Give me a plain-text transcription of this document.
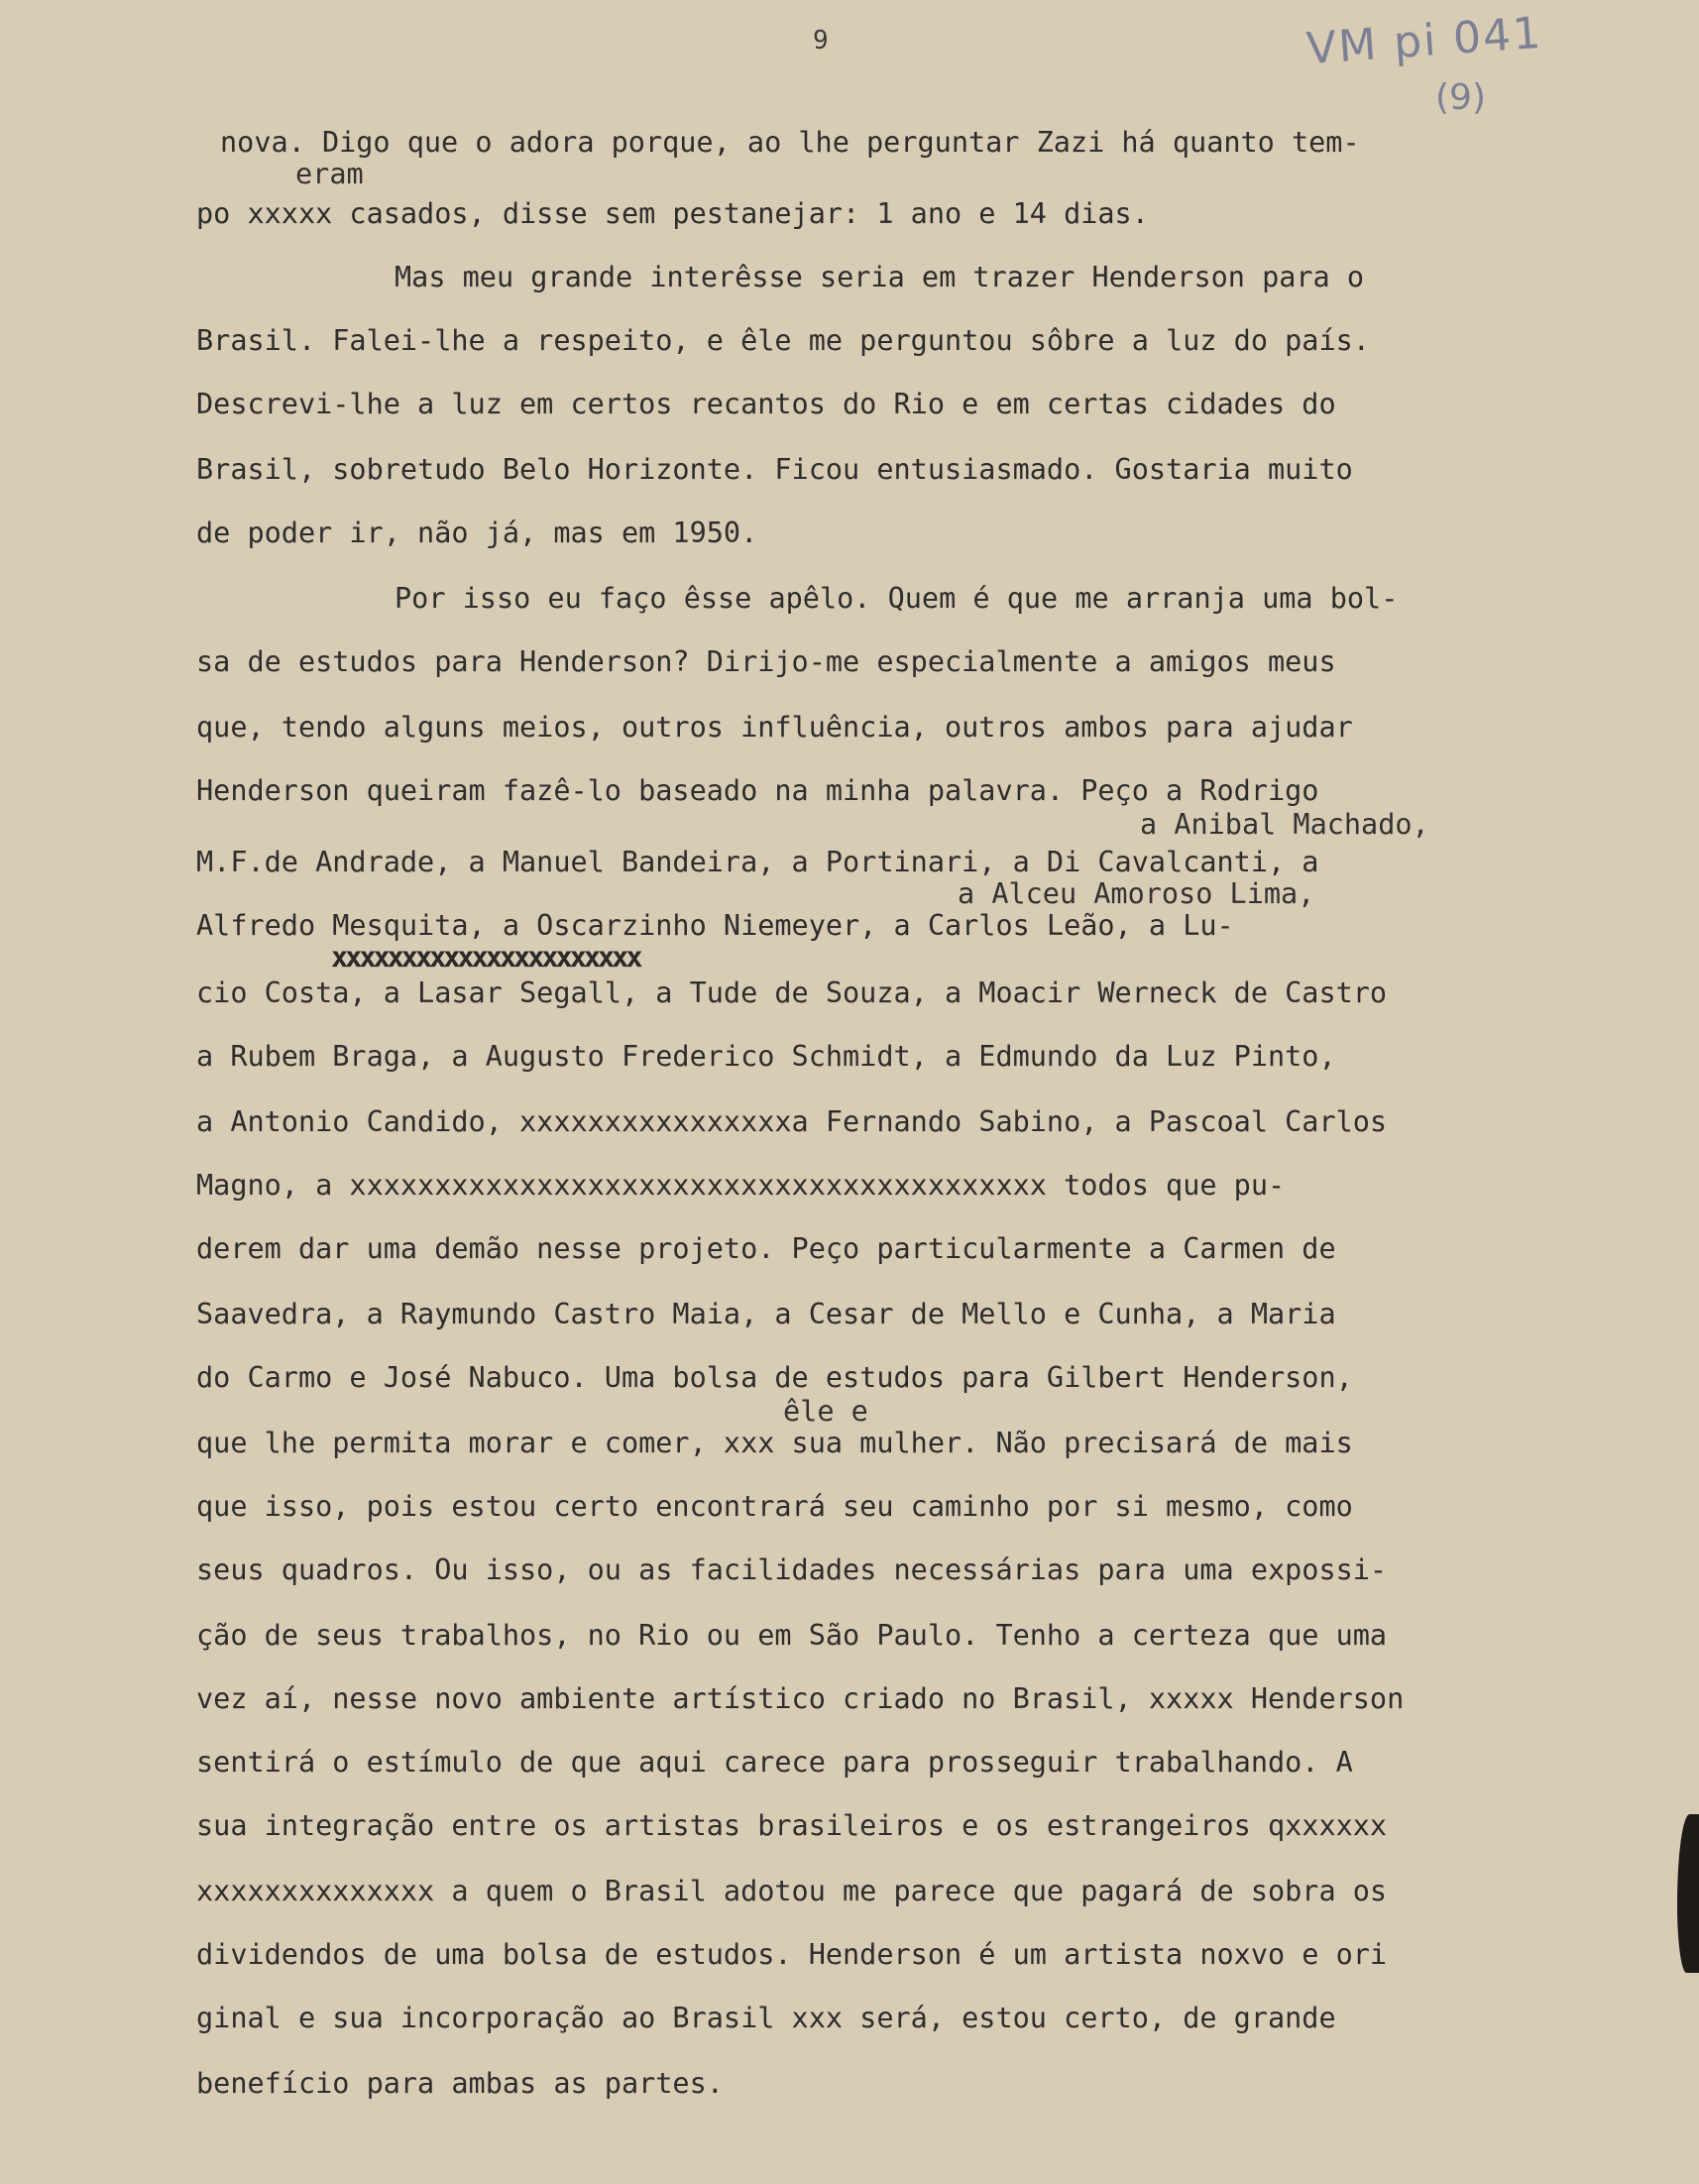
9	VM pi 041
(9)
nova. Digo que o adora porque, ao lhe perguntar Zazi há quanto tem-
eram
po xxxxx casados, disse sem pestanejar: 1 ano e 14 dias.
Mas meu grande interêsse seria em trazer Henderson para o
Brasil. Falei-lhe a respeito, e êle me perguntou sôbre a luz do país.
Descrevi-lhe a luz em certos recantos do Rio e em certas cidades do
Brasil, sobretudo Belo Horizonte. Ficou entusiasmado. Gostaria muito
de poder ir, não já, mas em 1950.
Por isso eu faço êsse apêlo. Quem é que me arranja uma bol-
sa de estudos para Henderson? Dirijo-me especialmente a amigos meus
que, tendo alguns meios, outros influência, outros ambos para ajudar
Henderson queiram fazê-lo baseado na minha palavra. Peço a Rodrigo
a Anibal Machado,
M.F.de Andrade, a Manuel Bandeira, a Portinari, a Di Cavalcanti, a
a Alceu Amoroso Lima,
Alfredo Mesquita, a Oscarzinho Niemeyer, a Carlos Leão, a Lu-
xxxxxxxxxxxxxxxxxxxxxx
cio Costa, a Lasar Segall, a Tude de Souza, a Moacir Werneck de Castro
a Rubem Braga, a Augusto Frederico Schmidt, a Edmundo da Luz Pinto,
a Antonio Candido, xxxxxxxxxxxxxxxxa Fernando Sabino, a Pascoal Carlos
Magno, a xxxxxxxxxxxxxxxxxxxxxxxxxxxxxxxxxxxxxxxxx todos que pu-
derem dar uma demão nesse projeto. Peço particularmente a Carmen de
Saavedra, a Raymundo Castro Maia, a Cesar de Mello e Cunha, a Maria
do Carmo e José Nabuco. Uma bolsa de estudos para Gilbert Henderson,
êle e
que lhe permita morar e comer, xxx sua mulher. Não precisará de mais
que isso, pois estou certo encontrará seu caminho por si mesmo, como
seus quadros. Ou isso, ou as facilidades necessárias para uma expossi-
ção de seus trabalhos, no Rio ou em São Paulo. Tenho a certeza que uma
vez aí, nesse novo ambiente artístico criado no Brasil, xxxxx Henderson
sentirá o estímulo de que aqui carece para prosseguir trabalhando. A
sua integração entre os artistas brasileiros e os estrangeiros qxxxxxx
xxxxxxxxxxxxxx a quem o Brasil adotou me parece que pagará de sobra os
dividendos de uma bolsa de estudos. Henderson é um artista noxvo e ori
ginal e sua incorporação ao Brasil xxx será, estou certo, de grande
benefício para ambas as partes.
